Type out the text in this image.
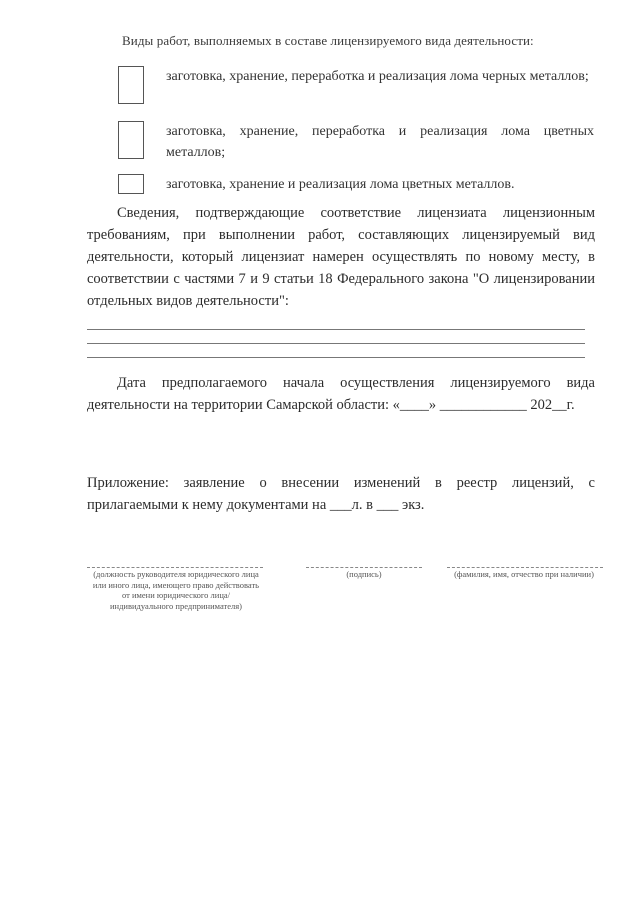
Виды работ, выполняемых в составе лицензируемого вида деятельности:
заготовка, хранение, переработка и реализация лома черных металлов;
заготовка, хранение, переработка и реализация лома цветных металлов;
заготовка, хранение и реализация лома цветных металлов.
Сведения, подтверждающие соответствие лицензиата лицензионным требованиям, при выполнении работ, составляющих лицензируемый вид деятельности, который лицензиат намерен осуществлять по новому месту, в соответствии с частями 7 и 9 статьи 18 Федерального закона "О лицензировании отдельных видов деятельности":
Дата предполагаемого начала осуществления лицензируемого вида деятельности на территории Самарской области: «____» ____________ 202__г.
Приложение: заявление о внесении изменений в реестр лицензий, с прилагаемыми к нему документами на ___л. в ___ экз.
(должность руководителя юридического лица
или иного лица, имеющего право действовать
от имени юридического лица/
индивидуального предпринимателя)
(подпись)	(фамилия, имя, отчество при наличии)
